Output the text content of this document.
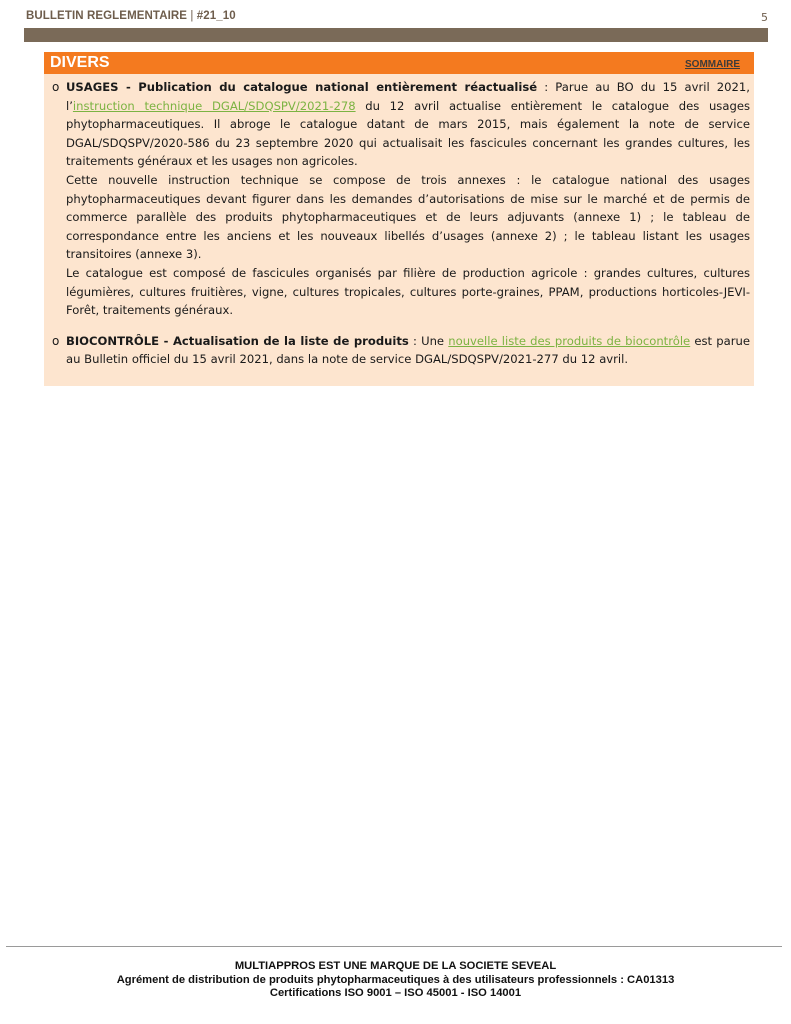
BULLETIN REGLEMENTAIRE | #21_10	5
DIVERS	SOMMAIRE
o USAGES - Publication du catalogue national entièrement réactualisé : Parue au BO du 15 avril 2021, l’instruction technique DGAL/SDQSPV/2021-278 du 12 avril actualise entièrement le catalogue des usages phytopharmaceutiques. Il abroge le catalogue datant de mars 2015, mais également la note de service DGAL/SDQSPV/2020-586 du 23 septembre 2020 qui actualisait les fascicules concernant les grandes cultures, les traitements généraux et les usages non agricoles.

Cette nouvelle instruction technique se compose de trois annexes : le catalogue national des usages phytopharmaceutiques devant figurer dans les demandes d’autorisations de mise sur le marché et de permis de commerce parallèle des produits phytopharmaceutiques et de leurs adjuvants (annexe 1) ; le tableau de correspondance entre les anciens et les nouveaux libellés d’usages (annexe 2) ; le tableau listant les usages transitoires (annexe 3).

Le catalogue est composé de fascicules organisés par filière de production agricole : grandes cultures, cultures légumières, cultures fruitières, vigne, cultures tropicales, cultures porte-graines, PPAM, productions horticoles-JEVI-Forêt, traitements généraux.

o BIOCONTRÔLE - Actualisation de la liste de produits : Une nouvelle liste des produits de biocontrôle est parue au Bulletin officiel du 15 avril 2021, dans la note de service DGAL/SDQSPV/2021-277 du 12 avril.

MULTIAPPROS EST UNE MARQUE DE LA SOCIETE SEVEAL
Agrément de distribution de produits phytopharmaceutiques à des utilisateurs professionnels : CA01313
Certifications ISO 9001 – ISO 45001 - ISO 14001
